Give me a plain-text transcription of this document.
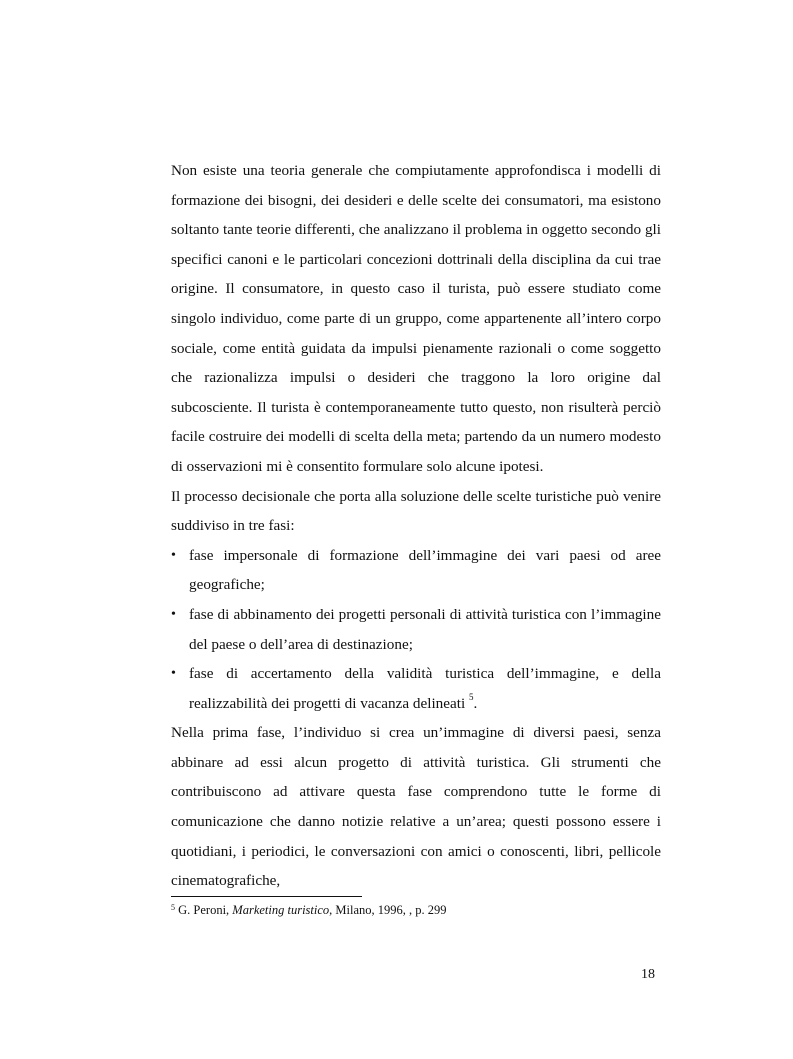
Non esiste una teoria generale che compiutamente approfondisca i modelli di formazione dei bisogni, dei desideri e delle scelte dei consumatori, ma esistono soltanto tante teorie differenti, che analizzano il problema in oggetto secondo gli specifici canoni e le particolari concezioni dottrinali della disciplina da cui trae origine. Il consumatore, in questo caso il turista, può essere studiato come singolo individuo, come parte di un gruppo, come appartenente all’intero corpo sociale, come entità guidata da impulsi pienamente razionali o come soggetto che razionalizza impulsi o desideri che traggono la loro origine dal subcosciente. Il turista è contemporaneamente tutto questo, non risulterà perciò facile costruire dei modelli di scelta della meta; partendo da un numero modesto di osservazioni mi è consentito formulare solo alcune ipotesi.

Il processo decisionale che porta alla soluzione delle scelte turistiche può venire suddiviso in tre fasi:

• fase impersonale di formazione dell’immagine dei vari paesi od aree geografiche;
• fase di abbinamento dei progetti personali di attività turistica con l’immagine del paese o dell’area di destinazione;
• fase di accertamento della validità turistica dell’immagine, e della realizzabilità dei progetti di vacanza delineati $^5$.

Nella prima fase, l’individuo si crea un’immagine di diversi paesi, senza abbinare ad essi alcun progetto di attività turistica. Gli strumenti che contribuiscono ad attivare questa fase comprendono tutte le forme di comunicazione che danno notizie relative a un’area; questi possono essere i quotidiani, i periodici, le conversazioni con amici o conoscenti, libri, pellicole cinematografiche,

$^5$ G. Peroni, Marketing turistico, Milano, 1996, , p. 299
18
